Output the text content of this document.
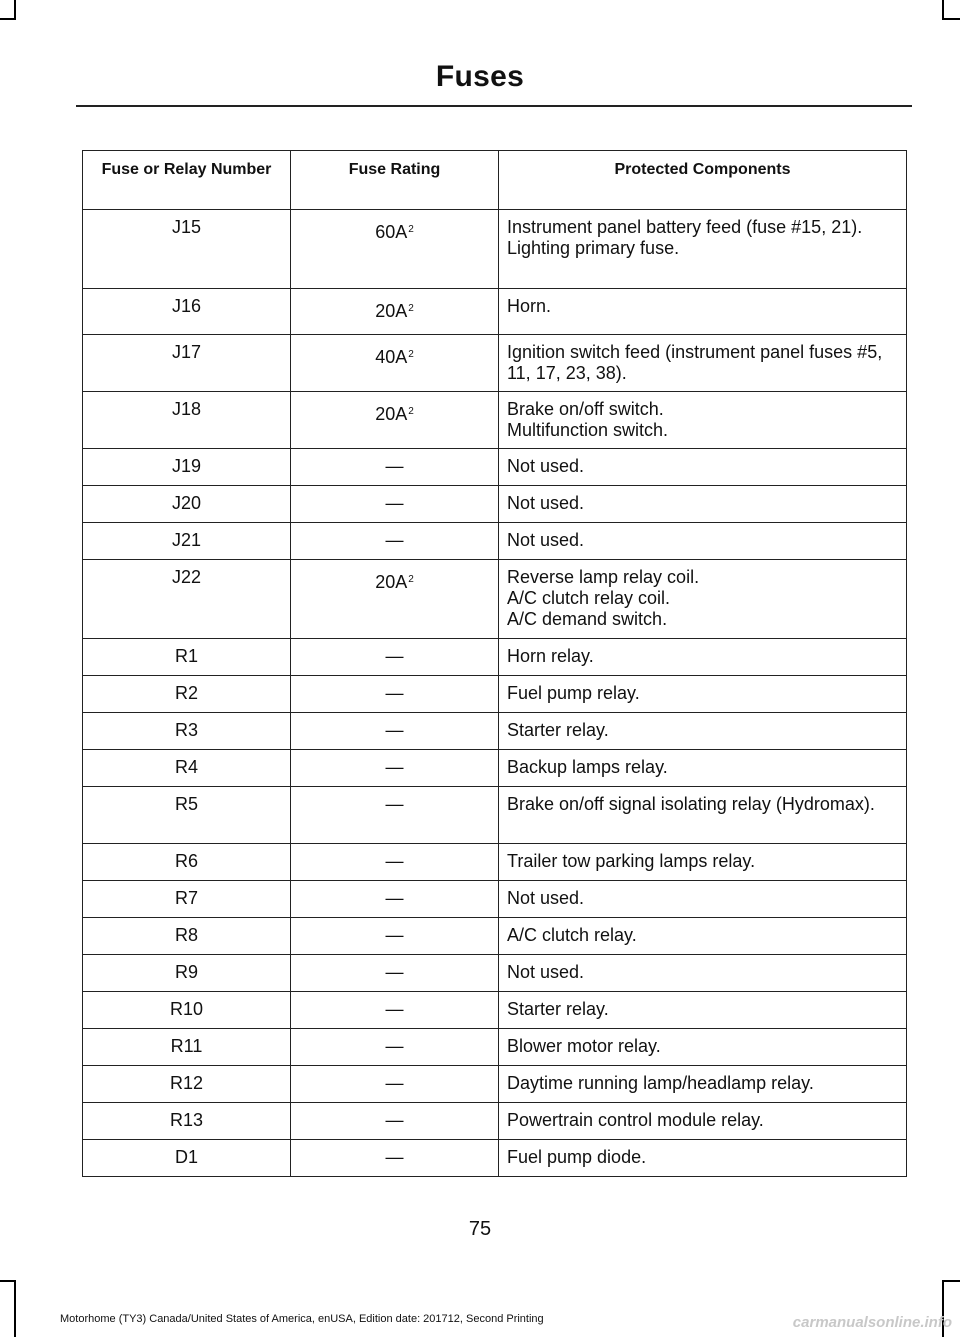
Fuses
Fuse or Relay Number	Fuse Rating	Protected Components
J15	60A$^2$	Instrument panel battery feed (fuse #15, 21).
Lighting primary fuse.

J16	20A$^2$	Horn.

J17	40A$^2$	Ignition switch feed (instrument panel fuses #5, 11, 17, 23, 38).

J18	20A$^2$	Brake on/off switch.
Multifunction switch.

J19	—	Not used.

J20	—	Not used.

J21	—	Not used.

J22	20A$^2$	Reverse lamp relay coil.
A/C clutch relay coil.
A/C demand switch.

R1	—	Horn relay.

R2	—	Fuel pump relay.

R3	—	Starter relay.

R4	—	Backup lamps relay.

R5	—	Brake on/off signal isolating relay (Hydromax).

R6	—	Trailer tow parking lamps relay.

R7	—	Not used.

R8	—	A/C clutch relay.

R9	—	Not used.

R10	—	Starter relay.

R11	—	Blower motor relay.

R12	—	Daytime running lamp/headlamp relay.

R13	—	Powertrain control module relay.

D1	—	Fuel pump diode.
75
Motorhome (TY3) Canada/United States of America, enUSA, Edition date: 201712, Second Printing	carmanualsonline.info
